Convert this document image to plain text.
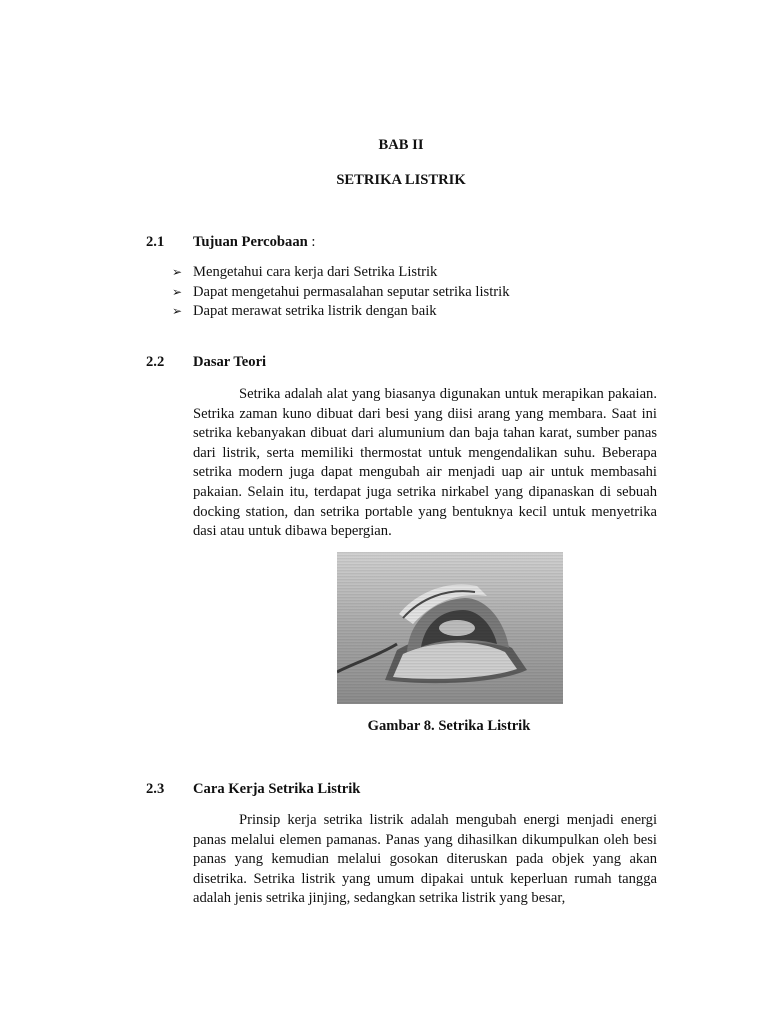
BAB II
SETRIKA LISTRIK
2.1 Tujuan Percobaan :
➢ Mengetahui cara kerja dari Setrika Listrik
➢ Dapat mengetahui permasalahan seputar setrika listrik
➢ Dapat merawat setrika listrik dengan baik
2.2 Dasar Teori

Setrika adalah alat yang biasanya digunakan untuk merapikan pakaian. Setrika zaman kuno dibuat dari besi yang diisi arang yang membara. Saat ini setrika kebanyakan dibuat dari alumunium dan baja tahan karat, sumber panas dari listrik, serta memiliki thermostat untuk mengendalikan suhu. Beberapa setrika modern juga dapat mengubah air menjadi uap air untuk membasahi pakaian. Selain itu, terdapat juga setrika nirkabel yang dipanaskan di sebuah docking station, dan setrika portable yang bentuknya kecil untuk menyetrika dasi atau untuk dibawa bepergian.

Gambar 8. Setrika Listrik
2.3 Cara Kerja Setrika Listrik

Prinsip kerja setrika listrik adalah mengubah energi menjadi energi panas melalui elemen pamanas. Panas yang dihasilkan dikumpulkan oleh besi panas yang kemudian melalui gosokan diteruskan pada objek yang akan disetrika. Setrika listrik yang umum dipakai untuk keperluan rumah tangga adalah jenis setrika jinjing, sedangkan setrika listrik yang besar,
